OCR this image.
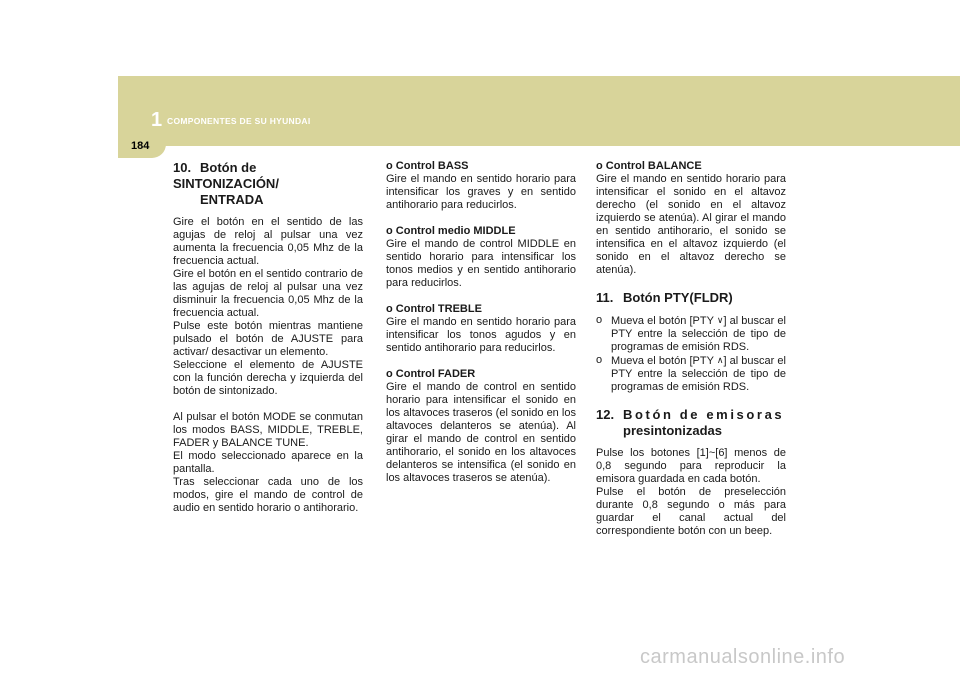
184
1 COMPONENTES DE SU HYUNDAI
10. Botón de SINTONIZACIÓN/
ENTRADA

Gire el botón en el sentido de las agujas de reloj al pulsar una vez aumenta la frecuencia 0,05 Mhz de la frecuencia actual.

Gire el botón en el sentido contrario de las agujas de reloj al pulsar una vez disminuir la frecuencia 0,05 Mhz de la frecuencia actual.

Pulse este botón mientras mantiene pulsado el botón de AJUSTE para activar/ desactivar un elemento.

Seleccione el elemento de AJUSTE con la función derecha y izquierda del botón de sintonizado.

Al pulsar el botón MODE se conmutan los modos BASS, MIDDLE, TREBLE, FADER y BALANCE TUNE.

El modo seleccionado aparece en la pantalla.

Tras seleccionar cada uno de los modos, gire el mando de control de audio en sentido horario o antihorario.

o Control BASS

Gire el mando en sentido horario para intensificar los graves y en sentido antihorario para reducirlos.

o Control medio MIDDLE

Gire el mando de control MIDDLE en sentido horario para intensificar los tonos medios y en sentido antihorario para reducirlos.

o Control TREBLE

Gire el mando en sentido horario para intensificar los tonos agudos y en sentido antihorario para reducirlos.

o Control FADER

Gire el mando de control en sentido horario para intensificar el sonido en los altavoces traseros (el sonido en los altavoces delanteros se atenúa). Al girar el mando de control en sentido antihorario, el sonido en los altavoces delanteros se intensifica (el sonido en los altavoces traseros se atenúa).

o Control BALANCE

Gire el mando en sentido horario para intensificar el sonido en el altavoz derecho (el sonido en el altavoz izquierdo se atenúa). Al girar el mando en sentido antihorario, el sonido se intensifica en el altavoz izquierdo (el sonido en el altavoz derecho se atenúa).

11. Botón PTY(FLDR)
o Mueva el botón [PTY ∨] al buscar el PTY entre la selección de tipo de programas de emisión RDS.
o Mueva el botón [PTY ∧] al buscar el PTY entre la selección de tipo de programas de emisión RDS.
12. Botón de emisoras
presintonizadas

Pulse los botones [1]~[6] menos de 0,8 segundo para reproducir la emisora guardada en cada botón.

Pulse el botón de preselección durante 0,8 segundo o más para guardar el canal actual del correspondiente botón con un beep.

carmanualsonline.info
